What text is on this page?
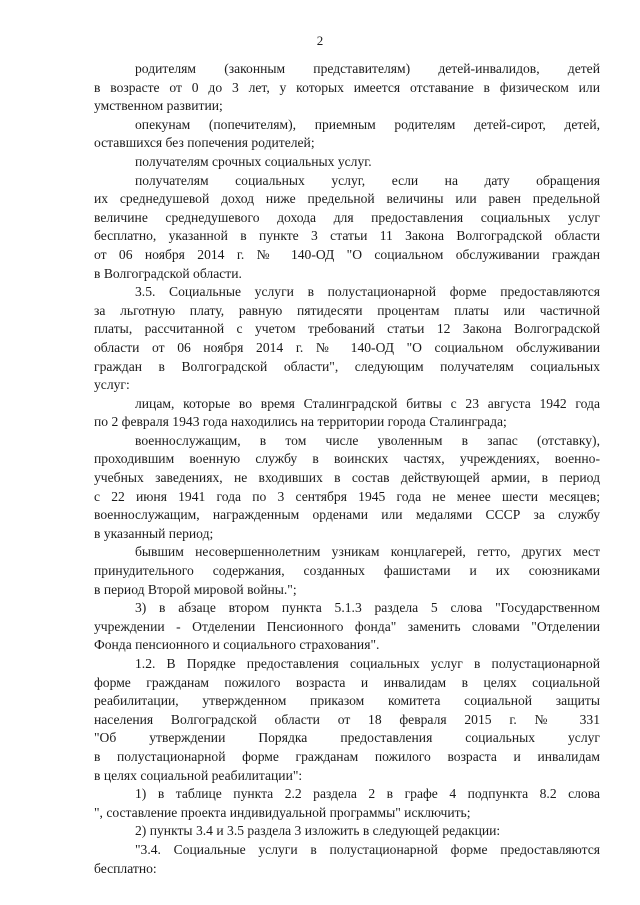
2
родителям (законным представителям) детей-инвалидов, детей
в возрасте от 0 до 3 лет, у которых имеется отставание в физическом или
умственном развитии;
опекунам (попечителям), приемным родителям детей-сирот, детей,
оставшихся без попечения родителей;
получателям срочных социальных услуг.
получателям социальных услуг, если на дату обращения
их среднедушевой доход ниже предельной величины или равен предельной
величине среднедушевого дохода для предоставления социальных услуг
бесплатно, указанной в пункте 3 статьи 11 Закона Волгоградской области
от 06 ноября 2014 г. № 140-ОД "О социальном обслуживании граждан
в Волгоградской области.
3.5. Социальные услуги в полустационарной форме предоставляются
за льготную плату, равную пятидесяти процентам платы или частичной
платы, рассчитанной с учетом требований статьи 12 Закона Волгоградской
области от 06 ноября 2014 г. № 140-ОД "О социальном обслуживании
граждан в Волгоградской области", следующим получателям социальных
услуг:
лицам, которые во время Сталинградской битвы с 23 августа 1942 года
по 2 февраля 1943 года находились на территории города Сталинграда;
военнослужащим, в том числе уволенным в запас (отставку),
проходившим военную службу в воинских частях, учреждениях, военно-
учебных заведениях, не входивших в состав действующей армии, в период
с 22 июня 1941 года по 3 сентября 1945 года не менее шести месяцев;
военнослужащим, награжденным орденами или медалями СССР за службу
в указанный период;
бывшим несовершеннолетним узникам концлагерей, гетто, других мест
принудительного содержания, созданных фашистами и их союзниками
в период Второй мировой войны.";
3) в абзаце втором пункта 5.1.3 раздела 5 слова "Государственном
учреждении - Отделении Пенсионного фонда" заменить словами "Отделении
Фонда пенсионного и социального страхования".
1.2. В Порядке предоставления социальных услуг в полустационарной
форме гражданам пожилого возраста и инвалидам в целях социальной
реабилитации, утвержденном приказом комитета социальной защиты
населения Волгоградской области от 18 февраля 2015 г. № 331
"Об утверждении Порядка предоставления социальных услуг
в полустационарной форме гражданам пожилого возраста и инвалидам
в целях социальной реабилитации":
1) в таблице пункта 2.2 раздела 2 в графе 4 подпункта 8.2 слова
", составление проекта индивидуальной программы" исключить;
2) пункты 3.4 и 3.5 раздела 3 изложить в следующей редакции:
"3.4. Социальные услуги в полустационарной форме предоставляются
бесплатно:
